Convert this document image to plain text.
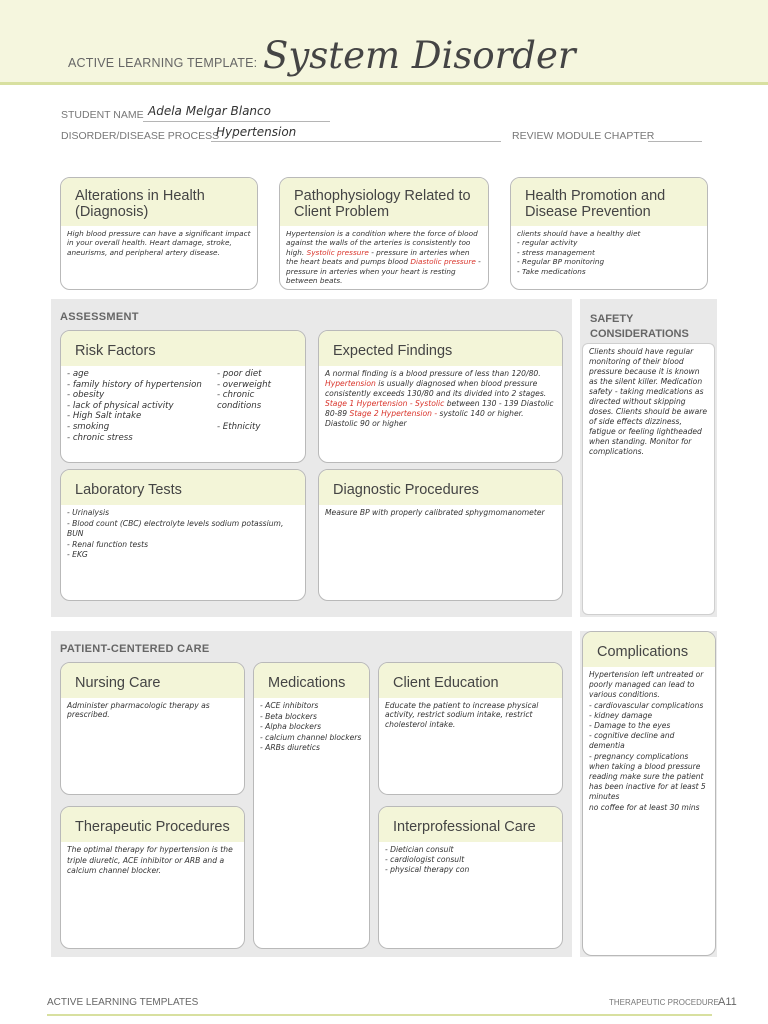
ACTIVE LEARNING TEMPLATE: System Disorder
STUDENT NAME Adela Melgar Blanco
DISORDER/DISEASE PROCESS
Hypertension	REVIEW MODULE CHAPTER
Alterations in Health (Diagnosis)
High blood pressure can have a significant impact in your overall health. Heart damage, stroke, aneurisms, and peripheral artery disease.
Pathophysiology Related to Client Problem
Hypertension is a condition where the force of blood against the walls of the arteries is consistently too high. Systolic pressure - pressure in arteries when the heart beats and pumps blood Diastolic pressure - pressure in arteries when your heart is resting between beats.
Health Promotion and Disease Prevention
clients should have a healthy diet
- regular activity
- stress management
- Regular BP monitoring
- Take medications
ASSESSMENT
Risk Factors
- age
- family history of hypertension
- obesity
- lack of physical activity
- High Salt intake
- smoking
- chronic stress
- poor diet
- overweight
- chronic conditions

- Ethnicity
Expected Findings
A normal finding is a blood pressure of less than 120/80. Hypertension is usually diagnosed when blood pressure consistently exceeds 130/80 and its divided into 2 stages. Stage 1 Hypertension - Systolic between 130 - 139 Diastolic 80-89 Stage 2 Hypertension - systolic 140 or higher. Diastolic 90 or higher
Laboratory Tests
- Urinalysis
- Blood count (CBC) electrolyte levels sodium potassium, BUN
- Renal function tests
- EKG
Diagnostic Procedures
Measure BP with properly calibrated sphygmomanometer
SAFETY
CONSIDERATIONS
Clients should have regular monitoring of their blood pressure because it is known as the silent killer. Medication safety - taking medications as directed without skipping doses. Clients should be aware of side effects dizziness, fatigue or feeling lightheaded when standing. Monitor for complications.
PATIENT-CENTERED CARE
Nursing Care
Administer pharmacologic therapy as prescribed.
Medications
- ACE inhibitors
- Beta blockers
- Alpha blockers
- calcium channel blockers
- ARBs diuretics
Client Education
Educate the patient to increase physical activity, restrict sodium intake, restrict cholesterol intake.
Therapeutic Procedures
The optimal therapy for hypertension is the triple diuretic, ACE inhibitor or ARB and a calcium channel blocker.
Interprofessional Care
- Dietician consult
- cardiologist consult
- physical therapy con
Complications
Hypertension left untreated or poorly managed can lead to various conditions.
- cardiovascular complications
- kidney damage
- Damage to the eyes
- cognitive decline and dementia
- pregnancy complications
when taking a blood pressure reading make sure the patient has been inactive for at least 5 minutes
no coffee for at least 30 mins
ACTIVE LEARNING TEMPLATES	THERAPEUTIC PROCEDURE A11
